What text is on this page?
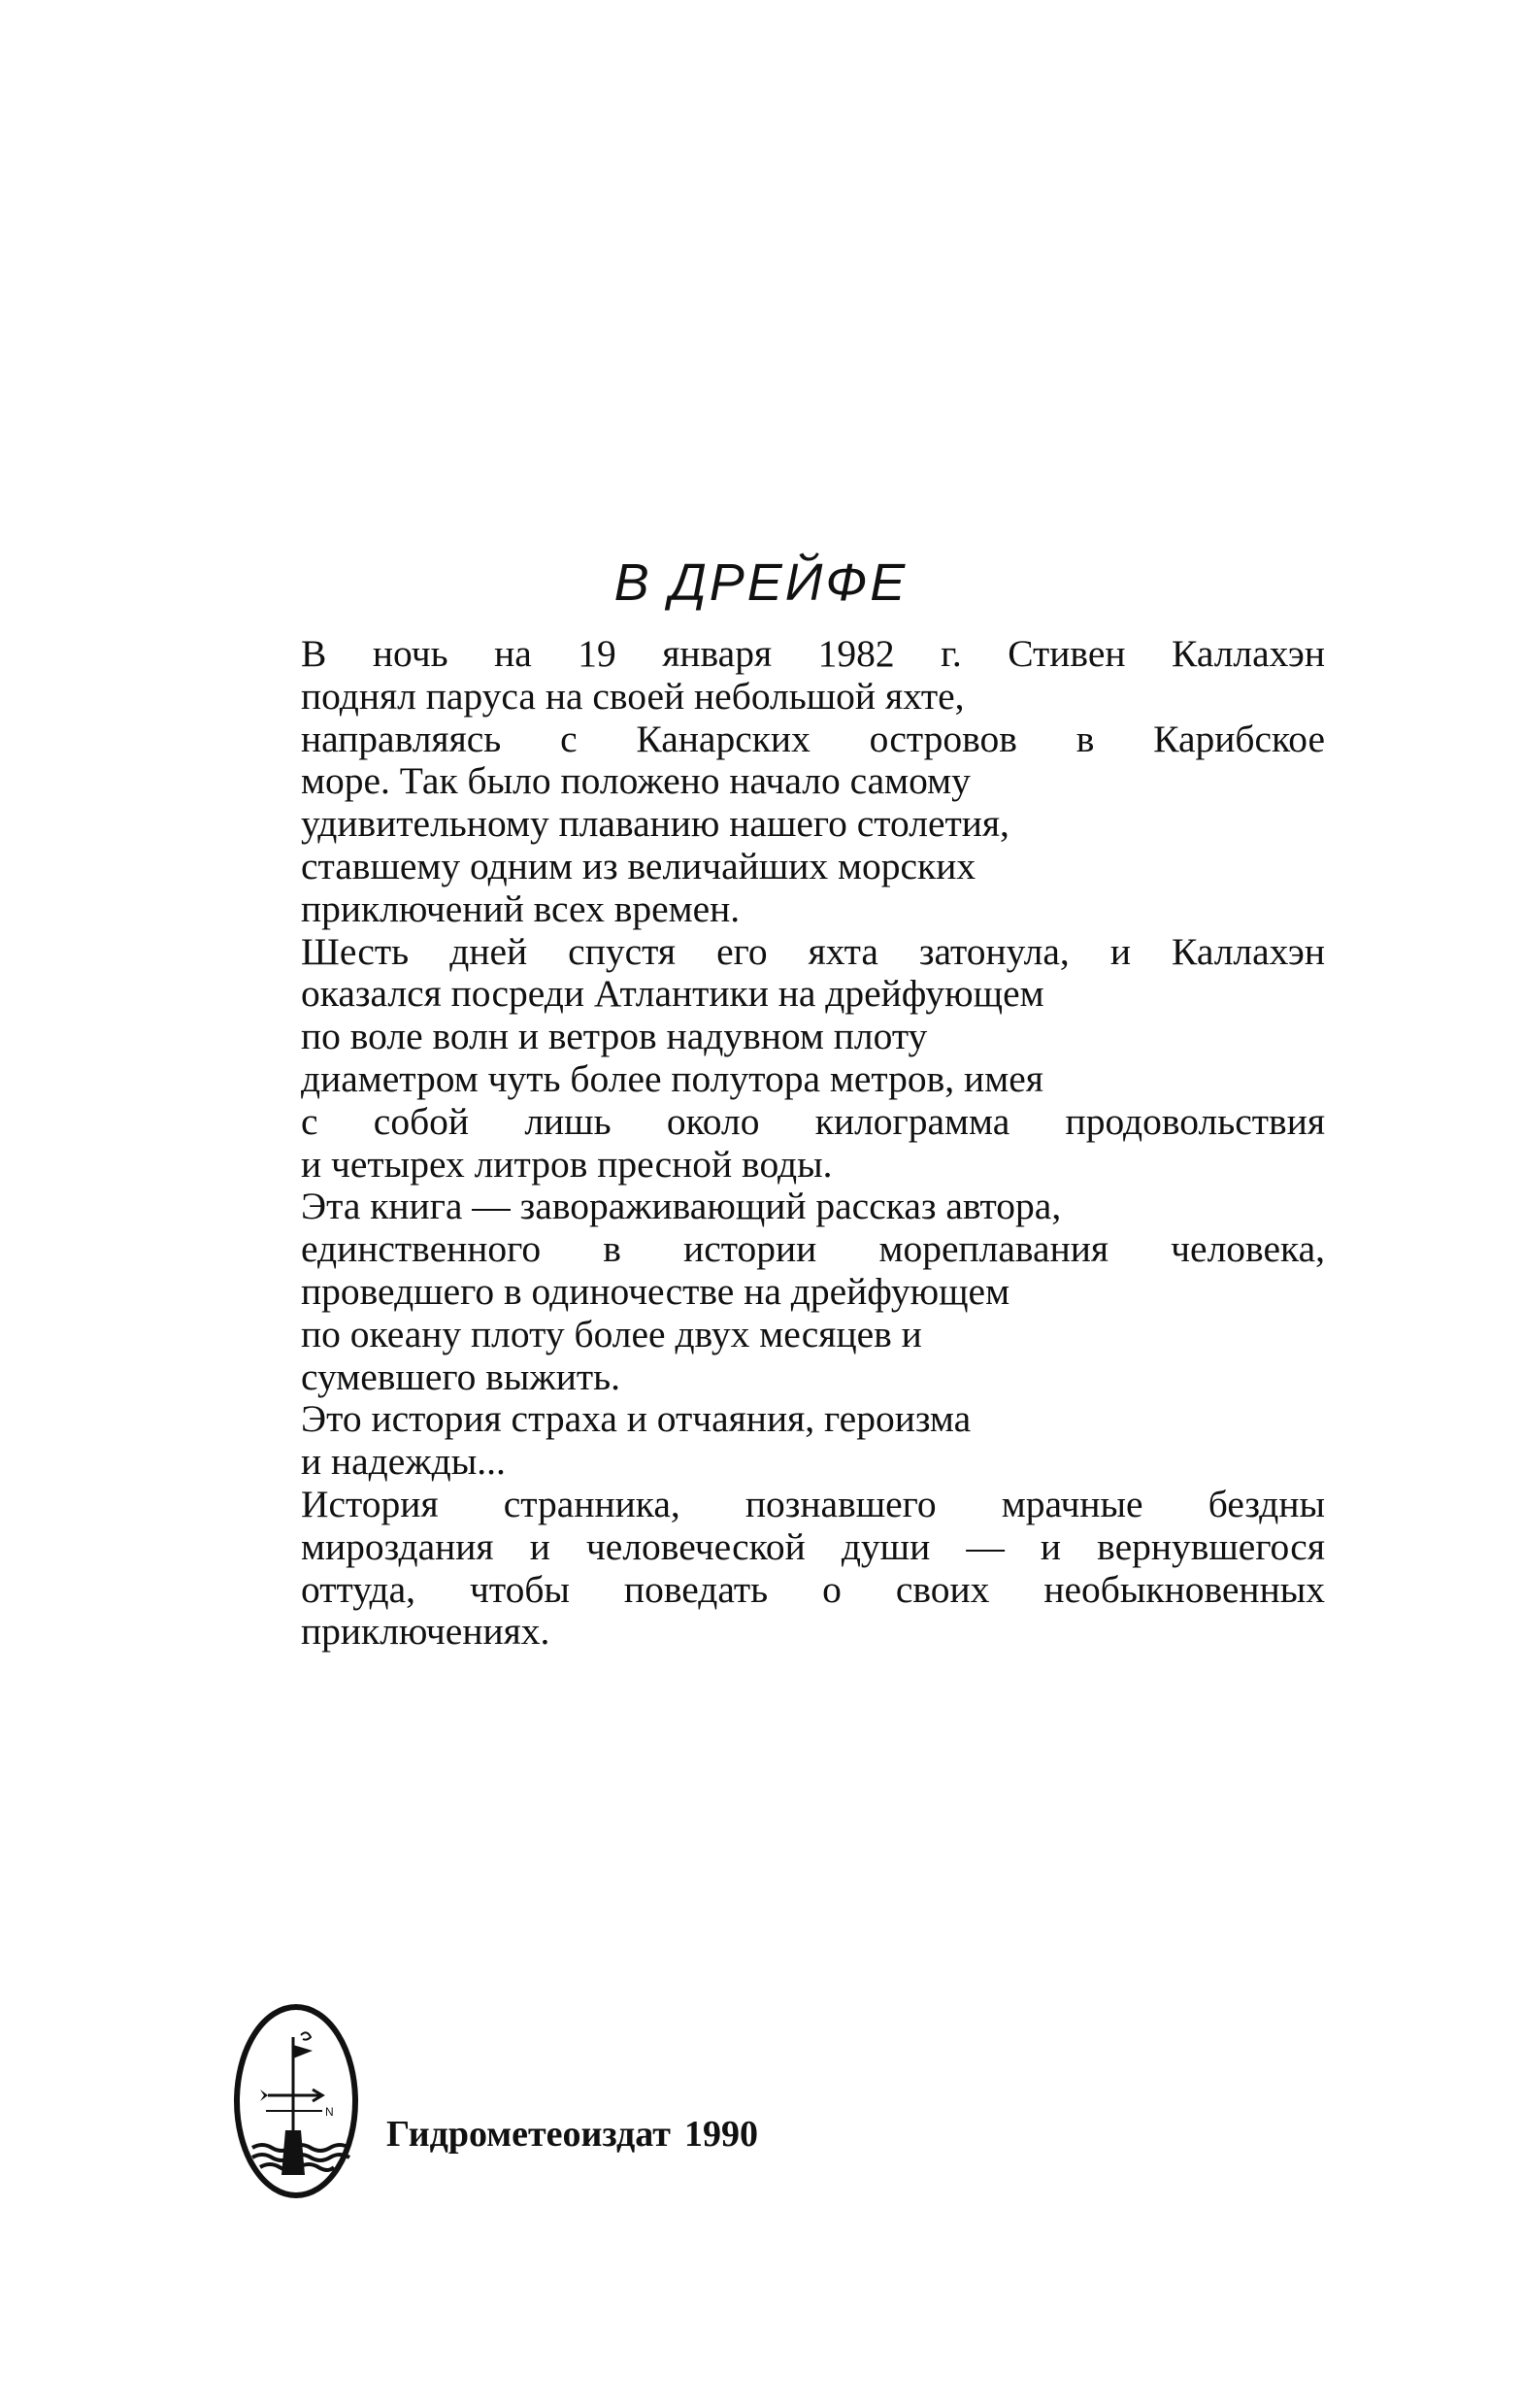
В ДРЕЙФЕ
В ночь на 19 января 1982 г. Стивен Каллахэн
поднял паруса на своей небольшой яхте,
направляясь с Канарских островов в Карибское
море. Так было положено начало самому
удивительному плаванию нашего столетия,
ставшему одним из величайших морских
приключений всех времен.
Шесть дней спустя его яхта затонула, и Каллахэн
оказался посреди Атлантики на дрейфующем
по воле волн и ветров надувном плоту
диаметром чуть более полутора метров, имея
с собой лишь около килограмма продовольствия
и четырех литров пресной воды.
Эта книга — завораживающий рассказ автора,
единственного в истории мореплавания человека,
проведшего в одиночестве на дрейфующем
по океану плоту более двух месяцев и
сумевшего выжить.
Это история страха и отчаяния, героизма
и надежды...
История странника, познавшего мрачные бездны
мироздания и человеческой души — и вернувшегося
оттуда, чтобы поведать о своих необыкновенных
приключениях.
N
Гидрометеоиздат 1990
